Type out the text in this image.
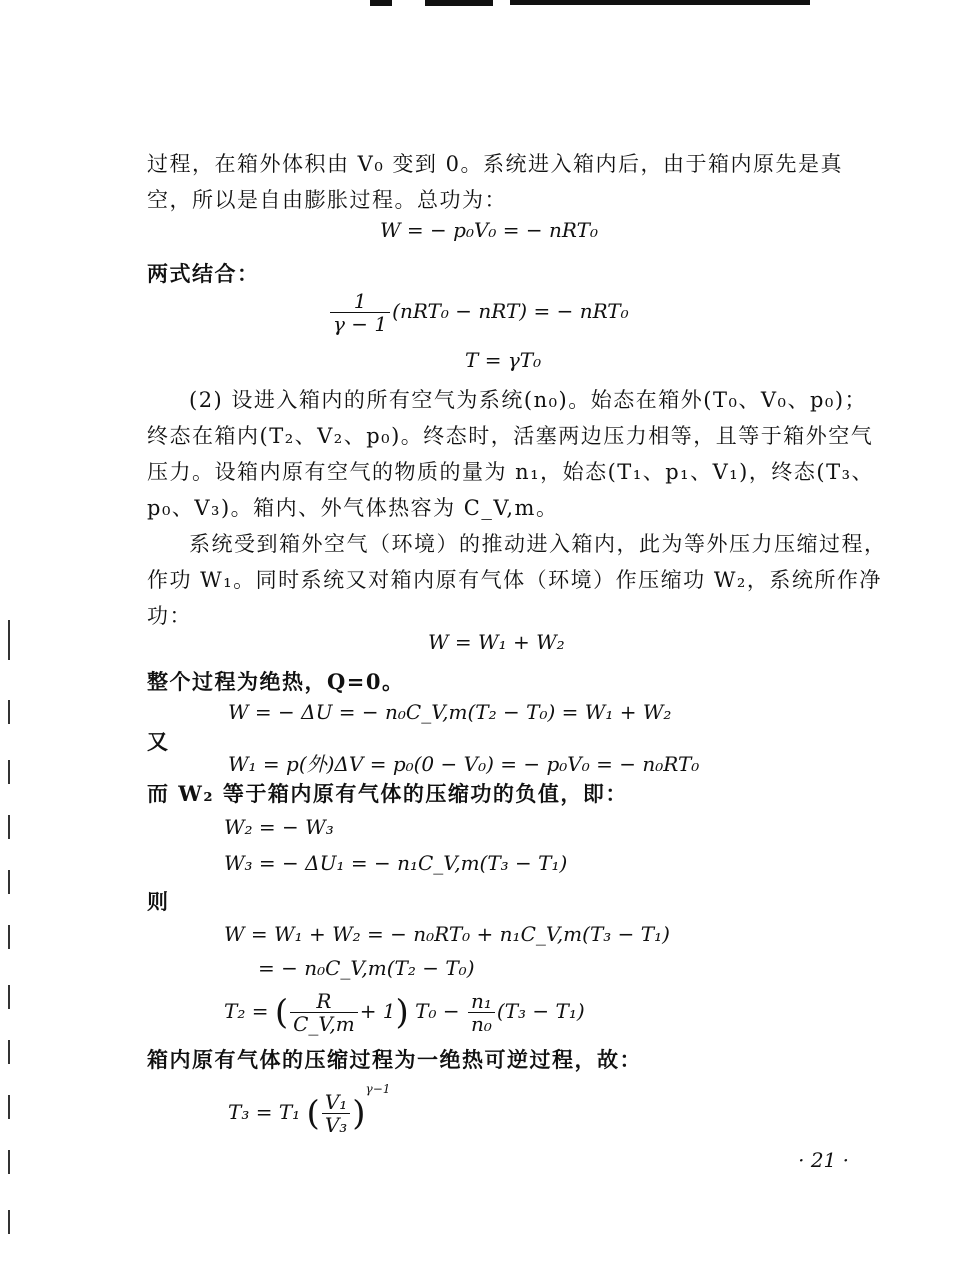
过程，在箱外体积由 V₀ 变到 0。系统进入箱内后，由于箱内原先是真空，所以是自由膨胀过程。总功为：
W = − p₀V₀ = − nRT₀
两式结合：
$\frac{1}{\gamma - 1} (nRT_0 - nRT)$ = − nRT₀
T = γT₀
(2) 设进入箱内的所有空气为系统(n₀)。始态在箱外(T₀、V₀、p₀)；终态在箱内(T₂、V₂、p₀)。终态时，活塞两边压力相等，且等于箱外空气压力。设箱内原有空气的物质的量为 n₁，始态(T₁、p₁、V₁)，终态(T₃、p₀、V₃)。箱内、外气体热容为 C_V,m。
系统受到箱外空气（环境）的推动进入箱内，此为等外压力压缩过程，作功 W₁。同时系统又对箱内原有气体（环境）作压缩功 W₂，系统所作净功：
W = W₁ + W₂
整个过程为绝热，Q=0。
W = − ΔU = − n₀C_V,m(T₂ − T₀) = W₁ + W₂
又
W₁ = p(外)ΔV = p₀(0 − V₀) = − p₀V₀ = − n₀RT₀
而 W₂ 等于箱内原有气体的压缩功的负值，即：
W₂ = − W₃
W₃ = − ΔU₁ = − n₁C_V,m(T₃ − T₁)
则
W = W₁ + W₂ = − n₀RT₀ + n₁C_V,m(T₃ − T₁)
= − n₀C_V,m(T₂ − T₀)
T₂ = ( $\frac{R}{C\_V,m} + 1$) $T_0 - \frac{\text{n₁}}{\text{n₀}} (T_3 - T_1)$
箱内原有气体的压缩过程为一绝热可逆过程，故：
T₃ = T₁ ( $\frac{\text{V₁}}{\text{V₃}} )^{\gamma-1}$
· 21 ·
